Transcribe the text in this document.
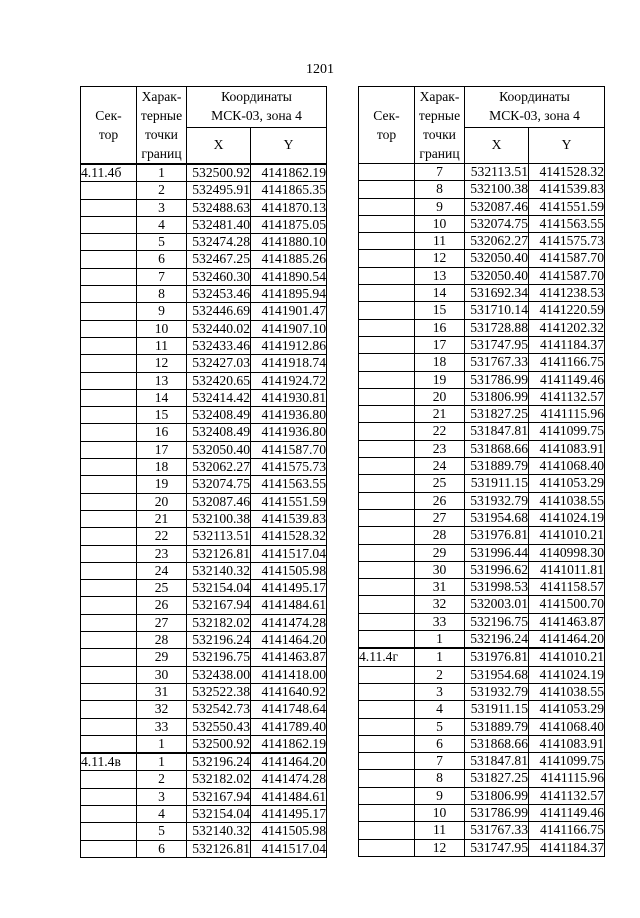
1201
Сек-
тор	Харак-
терные
точки
границ	Координаты
МСК-03, зона 4	
		X	Y
4.11.4б	1	532500.92	4141862.19
	2	532495.91	4141865.35
	3	532488.63	4141870.13
	4	532481.40	4141875.05
	5	532474.28	4141880.10
	6	532467.25	4141885.26
	7	532460.30	4141890.54
	8	532453.46	4141895.94
	9	532446.69	4141901.47
	10	532440.02	4141907.10
	11	532433.46	4141912.86
	12	532427.03	4141918.74
	13	532420.65	4141924.72
	14	532414.42	4141930.81
	15	532408.49	4141936.80
	16	532408.49	4141936.80
	17	532050.40	4141587.70
	18	532062.27	4141575.73
	19	532074.75	4141563.55
	20	532087.46	4141551.59
	21	532100.38	4141539.83
	22	532113.51	4141528.32
	23	532126.81	4141517.04
	24	532140.32	4141505.98
	25	532154.04	4141495.17
	26	532167.94	4141484.61
	27	532182.02	4141474.28
	28	532196.24	4141464.20
	29	532196.75	4141463.87
	30	532438.00	4141418.00
	31	532522.38	4141640.92
	32	532542.73	4141748.64
	33	532550.43	4141789.40
	1	532500.92	4141862.19
4.11.4в	1	532196.24	4141464.20
	2	532182.02	4141474.28
	3	532167.94	4141484.61
	4	532154.04	4141495.17
	5	532140.32	4141505.98
	6	532126.81	4141517.04
Сек-
тор	Харак-
терные
точки
границ	Координаты
МСК-03, зона 4	
		X	Y
	7	532113.51	4141528.32
	8	532100.38	4141539.83
	9	532087.46	4141551.59
	10	532074.75	4141563.55
	11	532062.27	4141575.73
	12	532050.40	4141587.70
	13	532050.40	4141587.70
	14	531692.34	4141238.53
	15	531710.14	4141220.59
	16	531728.88	4141202.32
	17	531747.95	4141184.37
	18	531767.33	4141166.75
	19	531786.99	4141149.46
	20	531806.99	4141132.57
	21	531827.25	4141115.96
	22	531847.81	4141099.75
	23	531868.66	4141083.91
	24	531889.79	4141068.40
	25	531911.15	4141053.29
	26	531932.79	4141038.55
	27	531954.68	4141024.19
	28	531976.81	4141010.21
	29	531996.44	4140998.30
	30	531996.62	4141011.81
	31	531998.53	4141158.57
	32	532003.01	4141500.70
	33	532196.75	4141463.87
	1	532196.24	4141464.20
4.11.4г	1	531976.81	4141010.21
	2	531954.68	4141024.19
	3	531932.79	4141038.55
	4	531911.15	4141053.29
	5	531889.79	4141068.40
	6	531868.66	4141083.91
	7	531847.81	4141099.75
	8	531827.25	4141115.96
	9	531806.99	4141132.57
	10	531786.99	4141149.46
	11	531767.33	4141166.75
	12	531747.95	4141184.37
